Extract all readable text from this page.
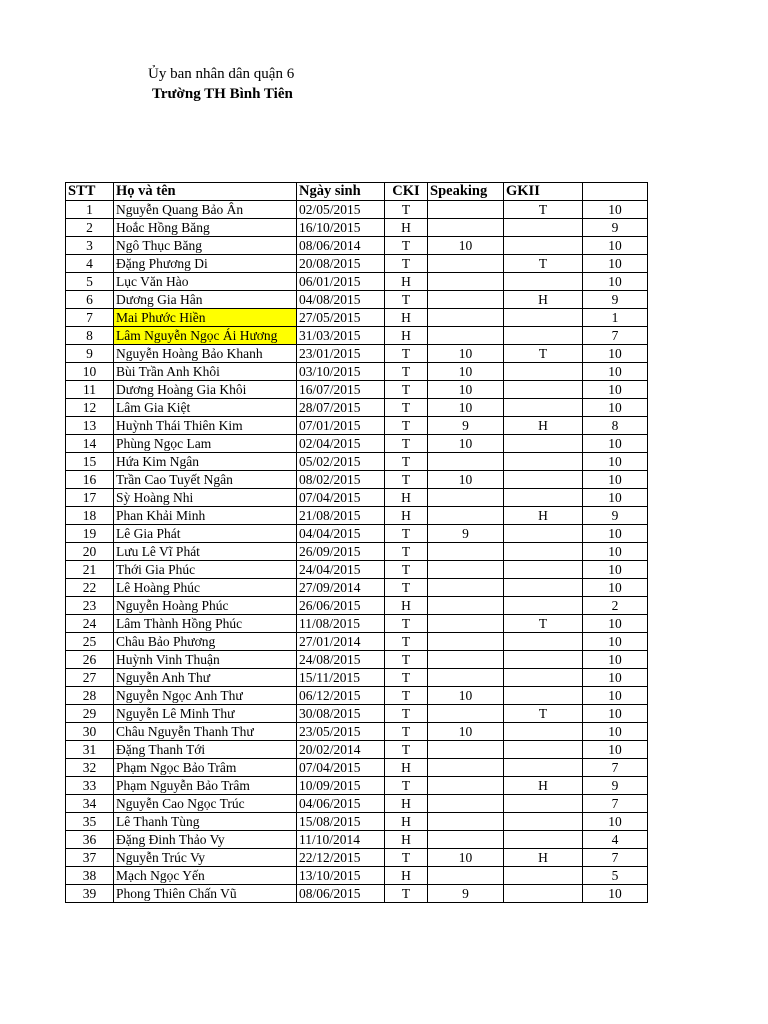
Ủy ban nhân dân quận 6
Trường TH Bình Tiên
STT	Họ và tên	Ngày sinh	CKI	Speaking	GKII	
1	Nguyễn Quang Bảo Ân	02/05/2015	T		T	10
2	Hoắc Hồng Băng	16/10/2015	H			9
3	Ngô Thục Băng	08/06/2014	T	10		10
4	Đặng Phương Di	20/08/2015	T		T	10
5	Lục Văn Hào	06/01/2015	H			10
6	Dương Gia Hân	04/08/2015	T		H	9
7	Mai Phước Hiền	27/05/2015	H			1
8	Lâm Nguyễn Ngọc Ái Hương	31/03/2015	H			7
9	Nguyễn Hoàng Bảo Khanh	23/01/2015	T	10	T	10
10	Bùi Trần Anh Khôi	03/10/2015	T	10		10
11	Dương Hoàng Gia Khôi	16/07/2015	T	10		10
12	Lâm Gia Kiệt	28/07/2015	T	10		10
13	Huỳnh Thái Thiên Kim	07/01/2015	T	9	H	8
14	Phùng Ngọc Lam	02/04/2015	T	10		10
15	Hứa Kim Ngân	05/02/2015	T			10
16	Trần Cao Tuyết Ngân	08/02/2015	T	10		10
17	Sỳ Hoàng Nhi	07/04/2015	H			10
18	Phan Khải Minh	21/08/2015	H		H	9
19	Lê Gia Phát	04/04/2015	T	9		10
20	Lưu Lê Vĩ Phát	26/09/2015	T			10
21	Thới Gia Phúc	24/04/2015	T			10
22	Lê Hoàng Phúc	27/09/2014	T			10
23	Nguyễn Hoàng Phúc	26/06/2015	H			2
24	Lâm Thành Hồng Phúc	11/08/2015	T		T	10
25	Châu Bảo Phương	27/01/2014	T			10
26	Huỳnh Vinh Thuận	24/08/2015	T			10
27	Nguyễn Anh Thư	15/11/2015	T			10
28	Nguyễn Ngọc Anh Thư	06/12/2015	T	10		10
29	Nguyễn Lê Minh Thư	30/08/2015	T		T	10
30	Châu Nguyễn Thanh Thư	23/05/2015	T	10		10
31	Đặng Thanh Tới	20/02/2014	T			10
32	Phạm Ngọc Bảo Trâm	07/04/2015	H			7
33	Phạm Nguyễn Bảo Trâm	10/09/2015	T		H	9
34	Nguyễn Cao Ngọc Trúc	04/06/2015	H			7
35	Lê Thanh Tùng	15/08/2015	H			10
36	Đặng Đinh Thảo Vy	11/10/2014	H			4
37	Nguyễn Trúc Vy	22/12/2015	T	10	H	7
38	Mạch Ngọc Yến	13/10/2015	H			5
39	Phong Thiên Chấn Vũ	08/06/2015	T	9		10
